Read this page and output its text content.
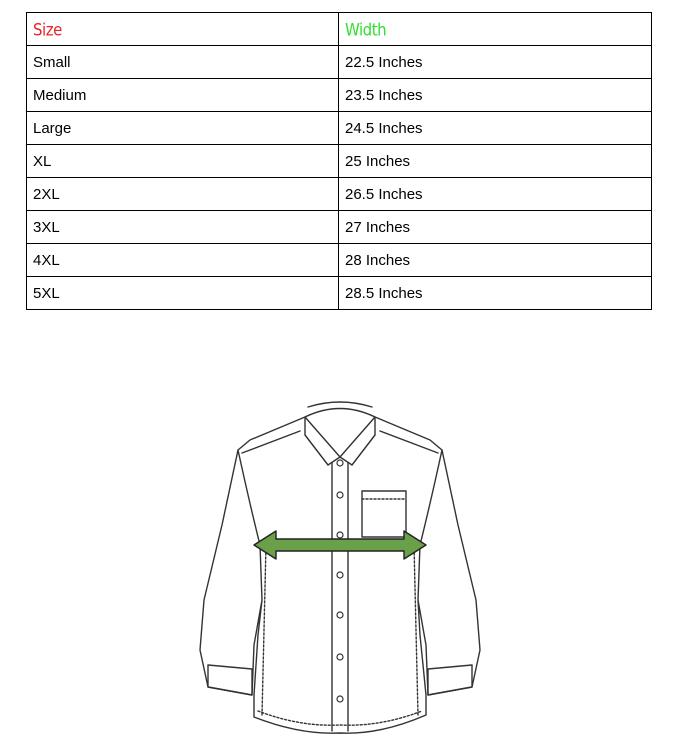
Size	Width
Small	22.5 Inches
Medium	23.5 Inches
Large	24.5 Inches
XL	25 Inches
2XL	26.5 Inches
3XL	27 Inches
4XL	28 Inches
5XL	28.5 Inches
